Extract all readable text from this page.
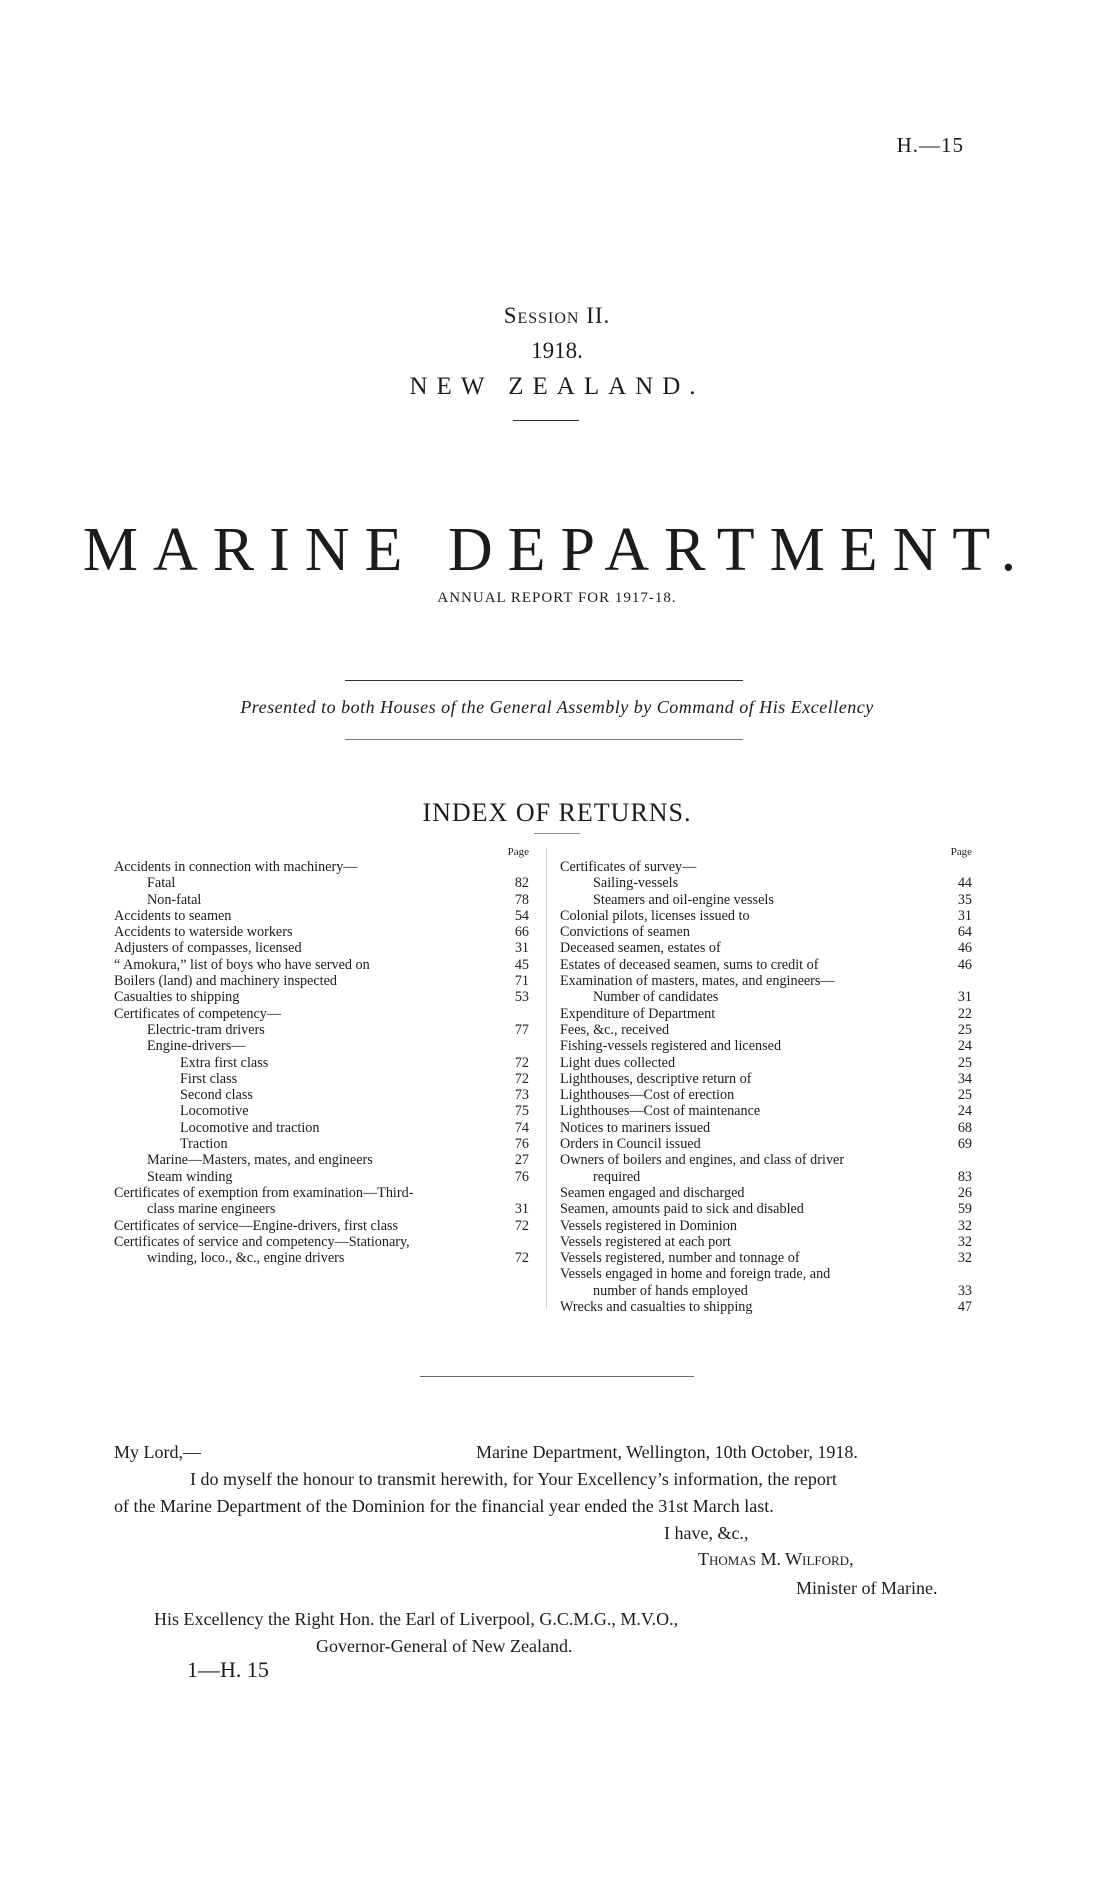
H.—15
Session II.
1918.
NEW ZEALAND.
MARINE DEPARTMENT.
ANNUAL REPORT FOR 1917-18.
Presented to both Houses of the General Assembly by Command of His Excellency
INDEX OF RETURNS.
Page
Accidents in connection with machinery—
Fatal	82
Non-fatal	78
Accidents to seamen	54
Accidents to waterside workers	66
Adjusters of compasses, licensed	31
“ Amokura,” list of boys who have served on	45
Boilers (land) and machinery inspected	71
Casualties to shipping	53
Certificates of competency—
Electric-tram drivers	77
Engine-drivers—
Extra first class	72
First class	72
Second class	73
Locomotive	75
Locomotive and traction	74
Traction	76
Marine—Masters, mates, and engineers	27
Steam winding	76
Certificates of exemption from examination—Third-
class marine engineers	31
Certificates of service—Engine-drivers, first class	72
Certificates of service and competency—Stationary,
winding, loco., &c., engine drivers	72
Page
Certificates of survey—
Sailing-vessels	44
Steamers and oil-engine vessels	35
Colonial pilots, licenses issued to	31
Convictions of seamen	64
Deceased seamen, estates of	46
Estates of deceased seamen, sums to credit of	46
Examination of masters, mates, and engineers—
Number of candidates	31
Expenditure of Department	22
Fees, &c., received	25
Fishing-vessels registered and licensed	24
Light dues collected	25
Lighthouses, descriptive return of	34
Lighthouses—Cost of erection	25
Lighthouses—Cost of maintenance	24
Notices to mariners issued	68
Orders in Council issued	69
Owners of boilers and engines, and class of driver
required	83
Seamen engaged and discharged	26
Seamen, amounts paid to sick and disabled	59
Vessels registered in Dominion	32
Vessels registered at each port	32
Vessels registered, number and tonnage of	32
Vessels engaged in home and foreign trade, and
number of hands employed	33
Wrecks and casualties to shipping	47
My Lord,—	Marine Department, Wellington, 10th October, 1918.
I do myself the honour to transmit herewith, for Your Excellency’s information, the report
of the Marine Department of the Dominion for the financial year ended the 31st March last.
I have, &c.,
Thomas M. Wilford,
Minister of Marine.
His Excellency the Right Hon. the Earl of Liverpool, G.C.M.G., M.V.O.,
Governor-General of New Zealand.
1—H. 15
